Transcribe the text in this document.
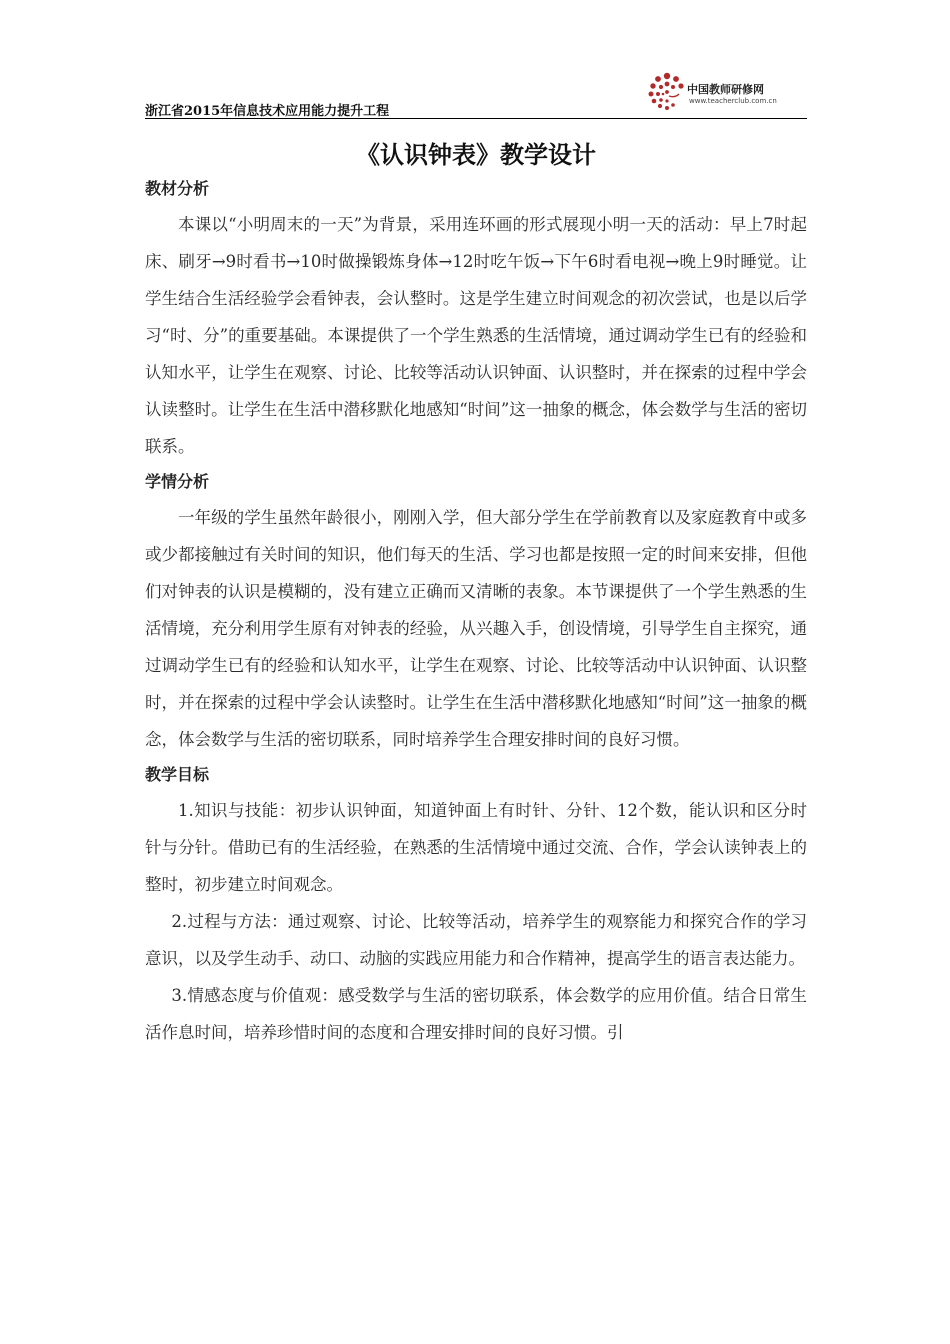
浙江省2015年信息技术应用能力提升工程
中国教师研修网
www.teacherclub.com.cn
《认识钟表》教学设计
教材分析

本课以“小明周末的一天”为背景，采用连环画的形式展现小明一天的活动：早上7时起床、刷牙→9时看书→10时做操锻炼身体→12时吃午饭→下午6时看电视→晚上9时睡觉。让学生结合生活经验学会看钟表，会认整时。这是学生建立时间观念的初次尝试，也是以后学习“时、分”的重要基础。本课提供了一个学生熟悉的生活情境，通过调动学生已有的经验和认知水平，让学生在观察、讨论、比较等活动认识钟面、认识整时，并在探索的过程中学会认读整时。让学生在生活中潜移默化地感知“时间”这一抽象的概念，体会数学与生活的密切联系。

学情分析

一年级的学生虽然年龄很小，刚刚入学，但大部分学生在学前教育以及家庭教育中或多或少都接触过有关时间的知识，他们每天的生活、学习也都是按照一定的时间来安排，但他们对钟表的认识是模糊的，没有建立正确而又清晰的表象。本节课提供了一个学生熟悉的生活情境，充分利用学生原有对钟表的经验，从兴趣入手，创设情境，引导学生自主探究，通过调动学生已有的经验和认知水平，让学生在观察、讨论、比较等活动中认识钟面、认识整时，并在探索的过程中学会认读整时。让学生在生活中潜移默化地感知“时间”这一抽象的概念，体会数学与生活的密切联系，同时培养学生合理安排时间的良好习惯。

教学目标

1.知识与技能：初步认识钟面，知道钟面上有时针、分针、12个数，能认识和区分时针与分针。借助已有的生活经验，在熟悉的生活情境中通过交流、合作，学会认读钟表上的整时，初步建立时间观念。

2.过程与方法：通过观察、讨论、比较等活动，培养学生的观察能力和探究合作的学习意识，以及学生动手、动口、动脑的实践应用能力和合作精神，提高学生的语言表达能力。

3.情感态度与价值观：感受数学与生活的密切联系，体会数学的应用价值。结合日常生活作息时间，培养珍惜时间的态度和合理安排时间的良好习惯。引
